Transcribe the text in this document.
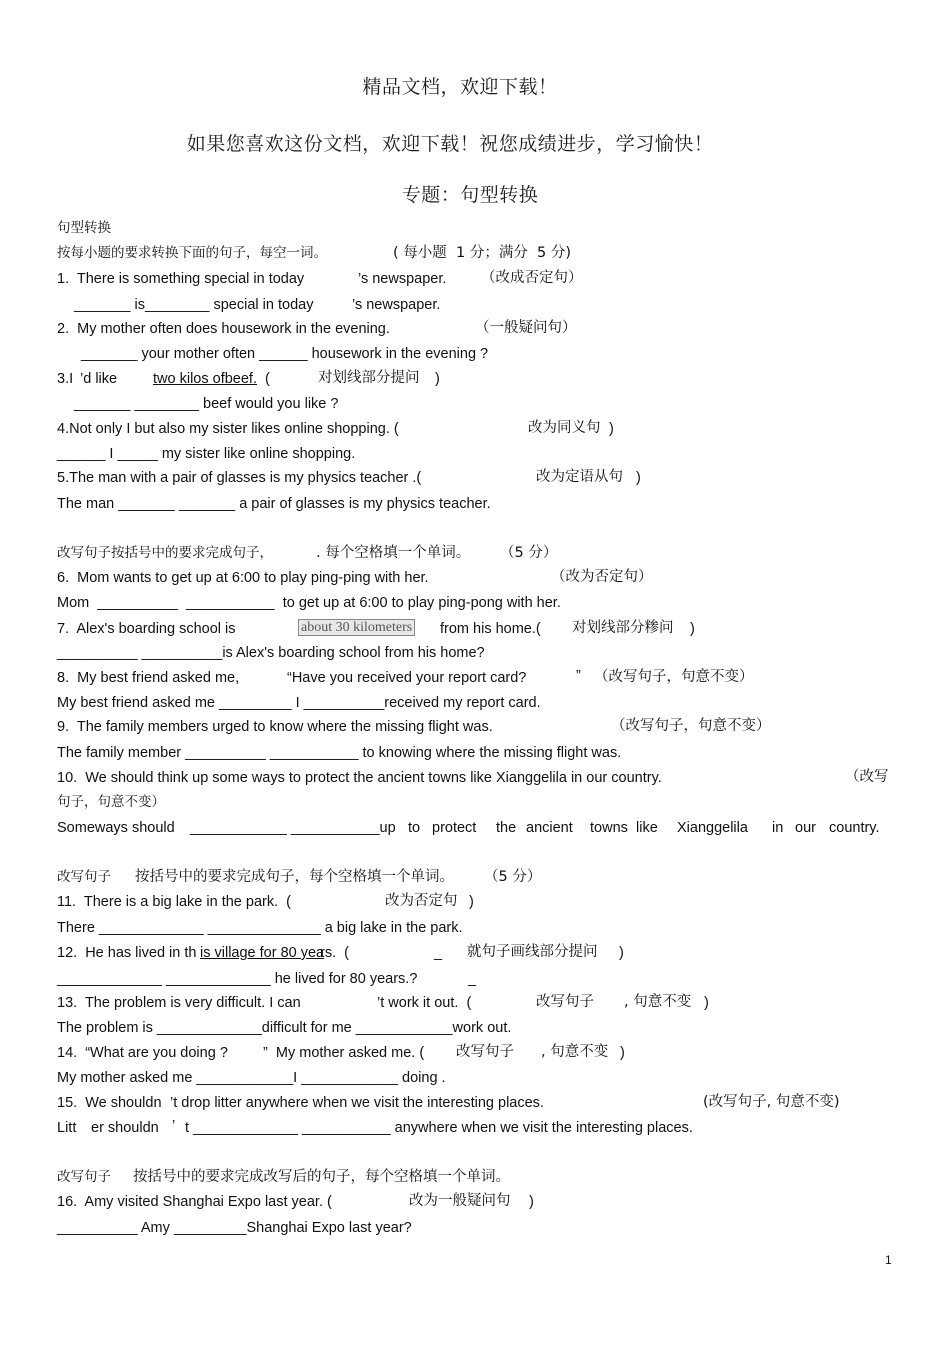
精品文档，欢迎下载！
如果您喜欢这份文档，欢迎下载！祝您成绩进步，学习愉快！
专题：句型转换
句型转换
按每小题的要求转换下面的句子，每空一词。	( 每小题  1 分；满分  5 分)
1.  There is something special in today	’s newspaper. （改成否定句）
_______ is________ special in today	’s newspaper.
2.  My mother often does housework in the evening.	（一般疑问句）
_______ your mother often ______ housework in the evening ?
3.I ’d like two kilos ofbeef. (	对划线部分提问 )
_______ ________ beef would you like ?
4.Not only I but also my sister likes online shopping. (	改为同义句 )
______ I _____ my sister like online shopping.
5.The man with a pair of glasses is my physics teacher .(	改为定语从句 )
The man _______ _______ a pair of glasses is my physics teacher.
改写句子按括号中的要求完成句子，	. 每个空格填一个单词。 （5 分）
6.  Mom wants to get up at 6:00 to play ping-ping with her.	（改为否定句）
Mom  __________  ___________  to get up at 6:00 to play ping-pong with her.
7.  Alex's boarding school is	about 30 kilometers from his home.( 对划线部分糁问 )
__________ __________is Alex's boarding school from his home?
8.  My best friend asked me,	“Have you received your report card?	” （改写句子，句意不变）
My best friend asked me _________ I __________received my report card.
9.  The family members urged to know where the missing flight was.	（改写句子，句意不变）
The family member __________ ___________ to knowing where the missing flight was.
10.  We should think up some ways to protect the ancient towns like Xianggelila in our country.	（改写
句子，句意不变）
Someways should ____________ ___________up to protect the ancient towns like Xianggelila in our country.
改写句子 按括号中的要求完成句子，每个空格填一个单词。 （5 分）
11.  There is a big lake in the park.  (	改为否定句 )
There _____________ ______________ a big lake in the park.
12.  He has lived in th is village for 80 yea
rs.  (	_ 就句子画线部分提问 )
_____________ _____________ he lived for 80 years.?	_
13.  The problem is very difficult. I can	’t work it out.  (	改写句子 , 句意不变 )
The problem is _____________difficult for me ____________work out.
14.  “What are you doing ? ”  My mother asked me. ( 改写句子 , 句意不变 )
My mother asked me ____________I ____________ doing .
15.  We shouldn ’t drop litter anywhere when we visit the interesting places.	(改写句子, 句意不变)
Litt er shouldn ’ t _____________ ___________ anywhere when we visit the interesting places.
改写句子 按括号中的要求完成改写后的句子，每个空格填一个单词。
16.  Amy visited Shanghai Expo last year. (	改为一般疑问句 )
__________ Amy _________Shanghai Expo last year?
1
